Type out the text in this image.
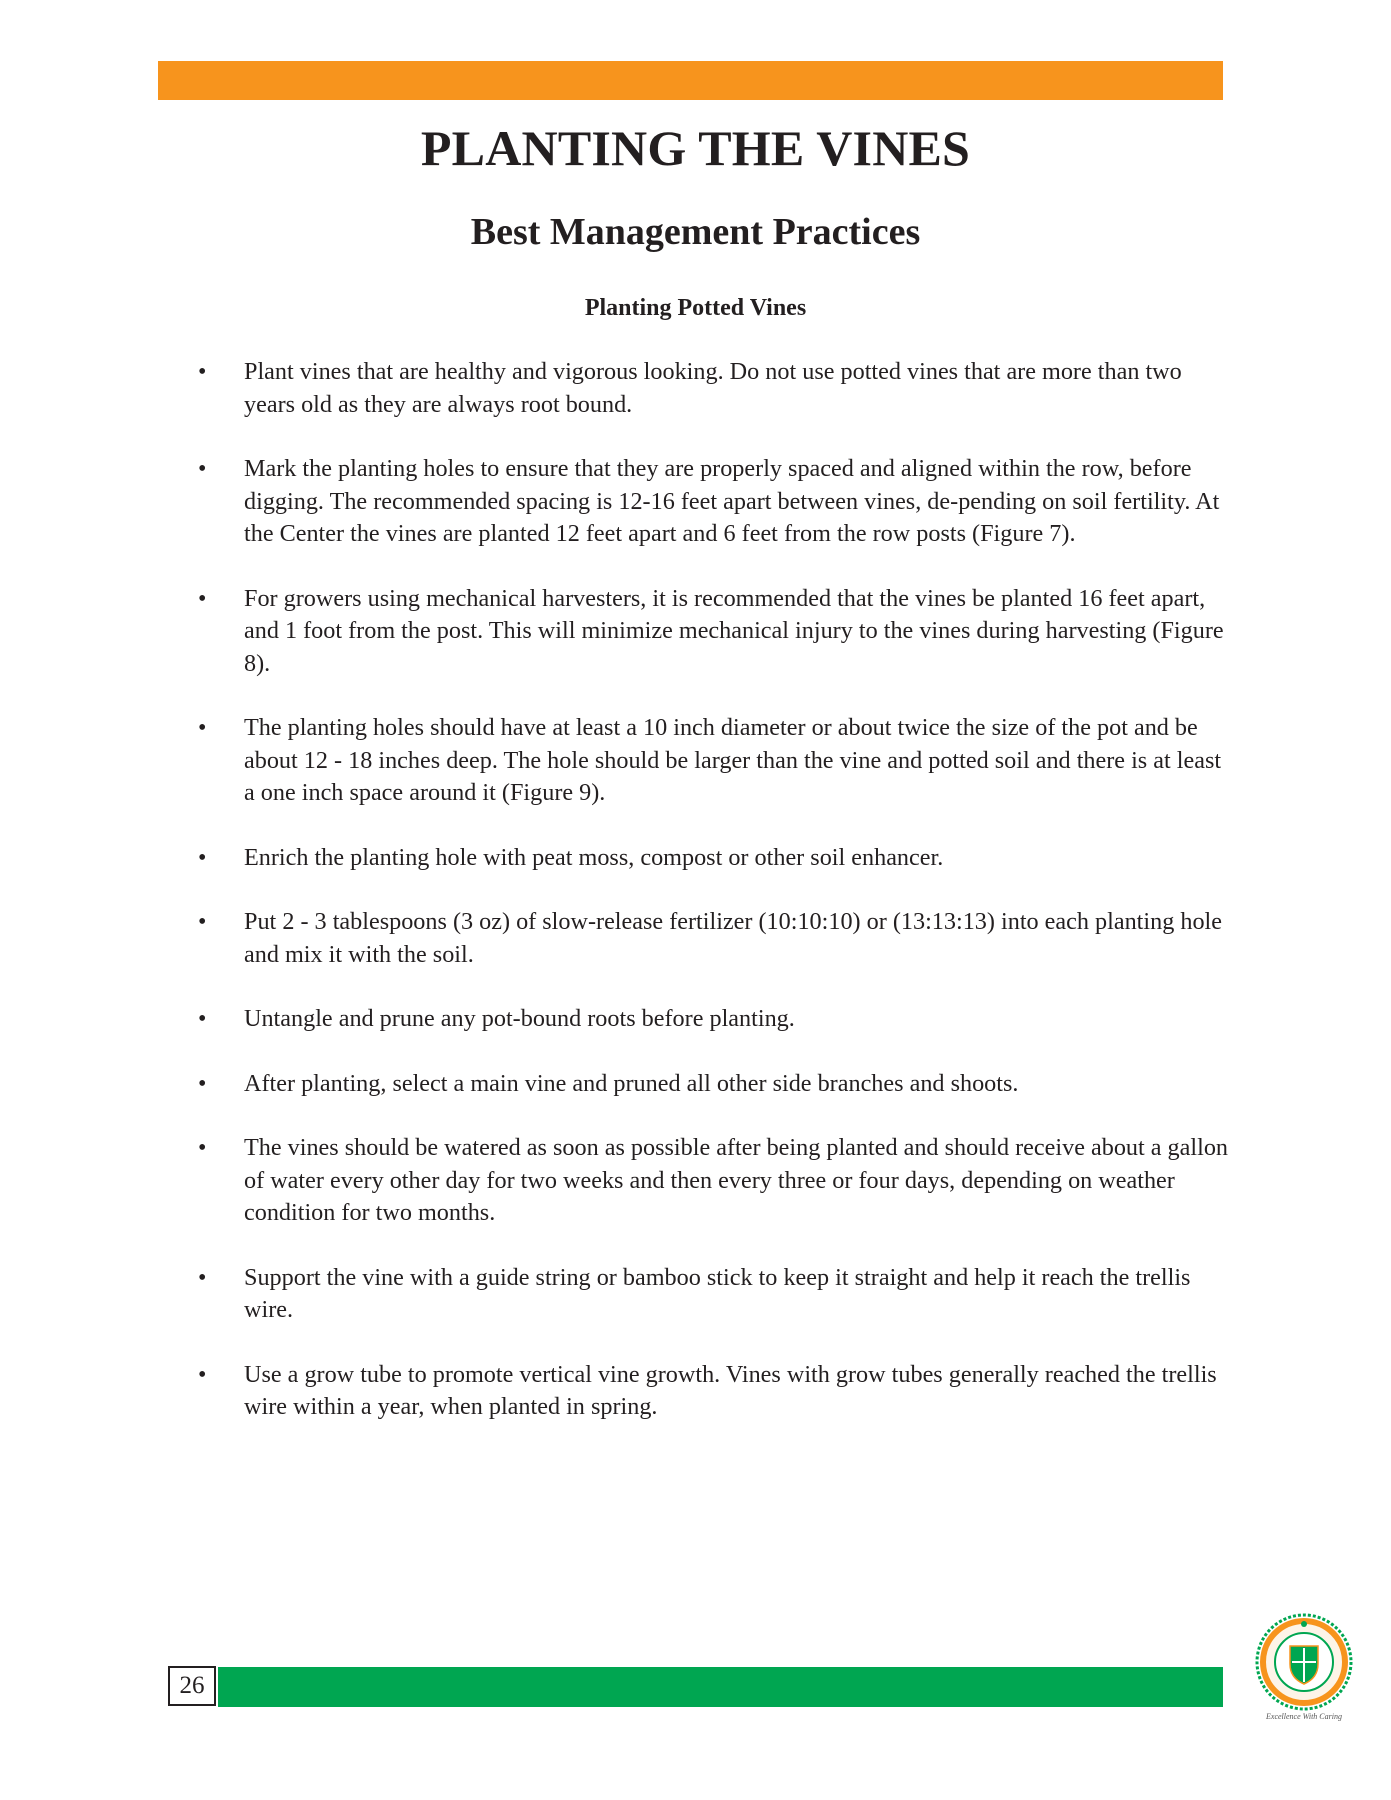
PLANTING THE VINES
Best Management Practices
Planting Potted Vines
•	Plant vines that are healthy and vigorous looking. Do not use potted vines that are more than two years old as they are always root bound.
•	Mark the planting holes to ensure that they are properly spaced and aligned within the row, before digging. The recommended spacing is 12-16 feet apart between vines, de-pending on soil fertility. At the Center the vines are planted 12 feet apart and 6 feet from the row posts (Figure 7).
•	For growers using mechanical harvesters, it is recommended that the vines be planted 16 feet apart, and 1 foot from the post. This will minimize mechanical injury to the vines during harvesting (Figure 8).
•	The planting holes should have at least a 10 inch diameter or about twice the size of the pot and be about 12 - 18 inches deep. The hole should be larger than the vine and potted soil and there is at least a one inch space around it (Figure 9).
•	Enrich the planting hole with peat moss, compost or other soil enhancer.
•	Put 2 - 3 tablespoons (3 oz) of slow-release fertilizer (10:10:10) or (13:13:13) into each planting hole and mix it with the soil.
•	Untangle and prune any pot-bound roots before planting.
•	After planting, select a main vine and pruned all other side branches and shoots.
•	The vines should be watered as soon as possible after being planted and should receive about a gallon of water every other day for two weeks and then every three or four days, depending on weather condition for two months.
•	Support the vine with a guide string or bamboo stick to keep it straight and help it reach the trellis wire.
•	Use a grow tube to promote vertical vine growth. Vines with grow tubes generally reached the trellis wire within a year, when planted in spring.
26
Excellence With Caring
